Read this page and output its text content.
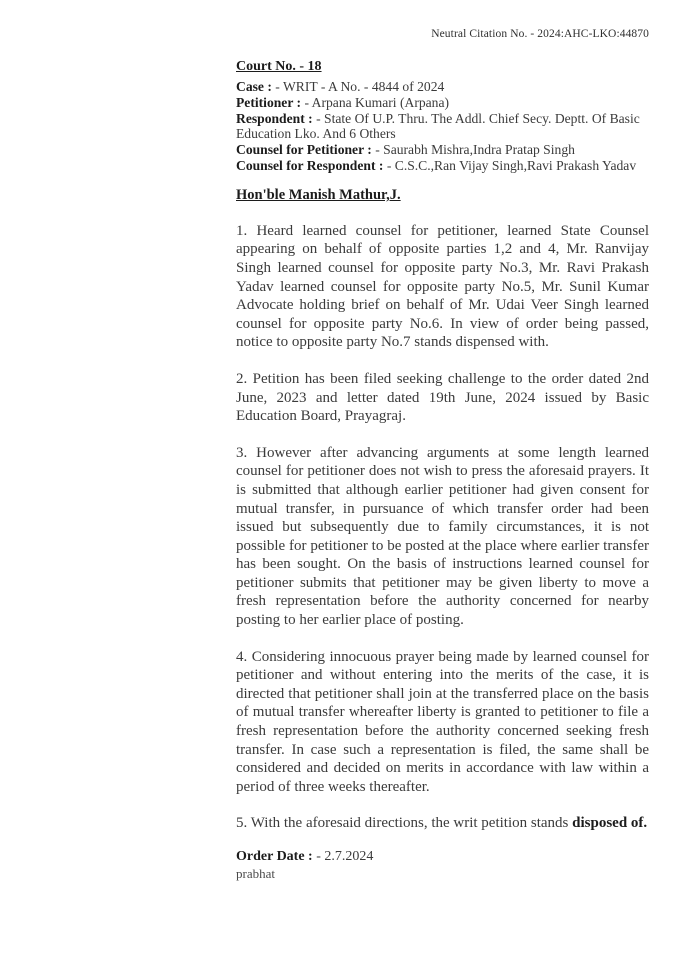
Neutral Citation No. - 2024:AHC-LKO:44870
Court No. - 18
Case : - WRIT - A No. - 4844 of 2024
Petitioner : - Arpana Kumari (Arpana)
Respondent : - State Of U.P. Thru. The Addl. Chief Secy. Deptt. Of Basic Education Lko. And 6 Others
Counsel for Petitioner : - Saurabh Mishra,Indra Pratap Singh
Counsel for Respondent : - C.S.C.,Ran Vijay Singh,Ravi Prakash Yadav
Hon'ble Manish Mathur,J.

1. Heard learned counsel for petitioner, learned State Counsel appearing on behalf of opposite parties 1,2 and 4, Mr. Ranvijay Singh learned counsel for opposite party No.3, Mr. Ravi Prakash Yadav learned counsel for opposite party No.5, Mr. Sunil Kumar Advocate holding brief on behalf of Mr. Udai Veer Singh learned counsel for opposite party No.6. In view of order being passed, notice to opposite party No.7 stands dispensed with.

2. Petition has been filed seeking challenge to the order dated 2nd June, 2023 and letter dated 19th June, 2024 issued by Basic Education Board, Prayagraj.

3. However after advancing arguments at some length learned counsel for petitioner does not wish to press the aforesaid prayers. It is submitted that although earlier petitioner had given consent for mutual transfer, in pursuance of which transfer order had been issued but subsequently due to family circumstances, it is not possible for petitioner to be posted at the place where earlier transfer has been sought. On the basis of instructions learned counsel for petitioner submits that petitioner may be given liberty to move a fresh representation before the authority concerned for nearby posting to her earlier place of posting.

4. Considering innocuous prayer being made by learned counsel for petitioner and without entering into the merits of the case, it is directed that petitioner shall join at the transferred place on the basis of mutual transfer whereafter liberty is granted to petitioner to file a fresh representation before the authority concerned seeking fresh transfer. In case such a representation is filed, the same shall be considered and decided on merits in accordance with law within a period of three weeks thereafter.

5. With the aforesaid directions, the writ petition stands disposed of.

Order Date : - 2.7.2024
prabhat
